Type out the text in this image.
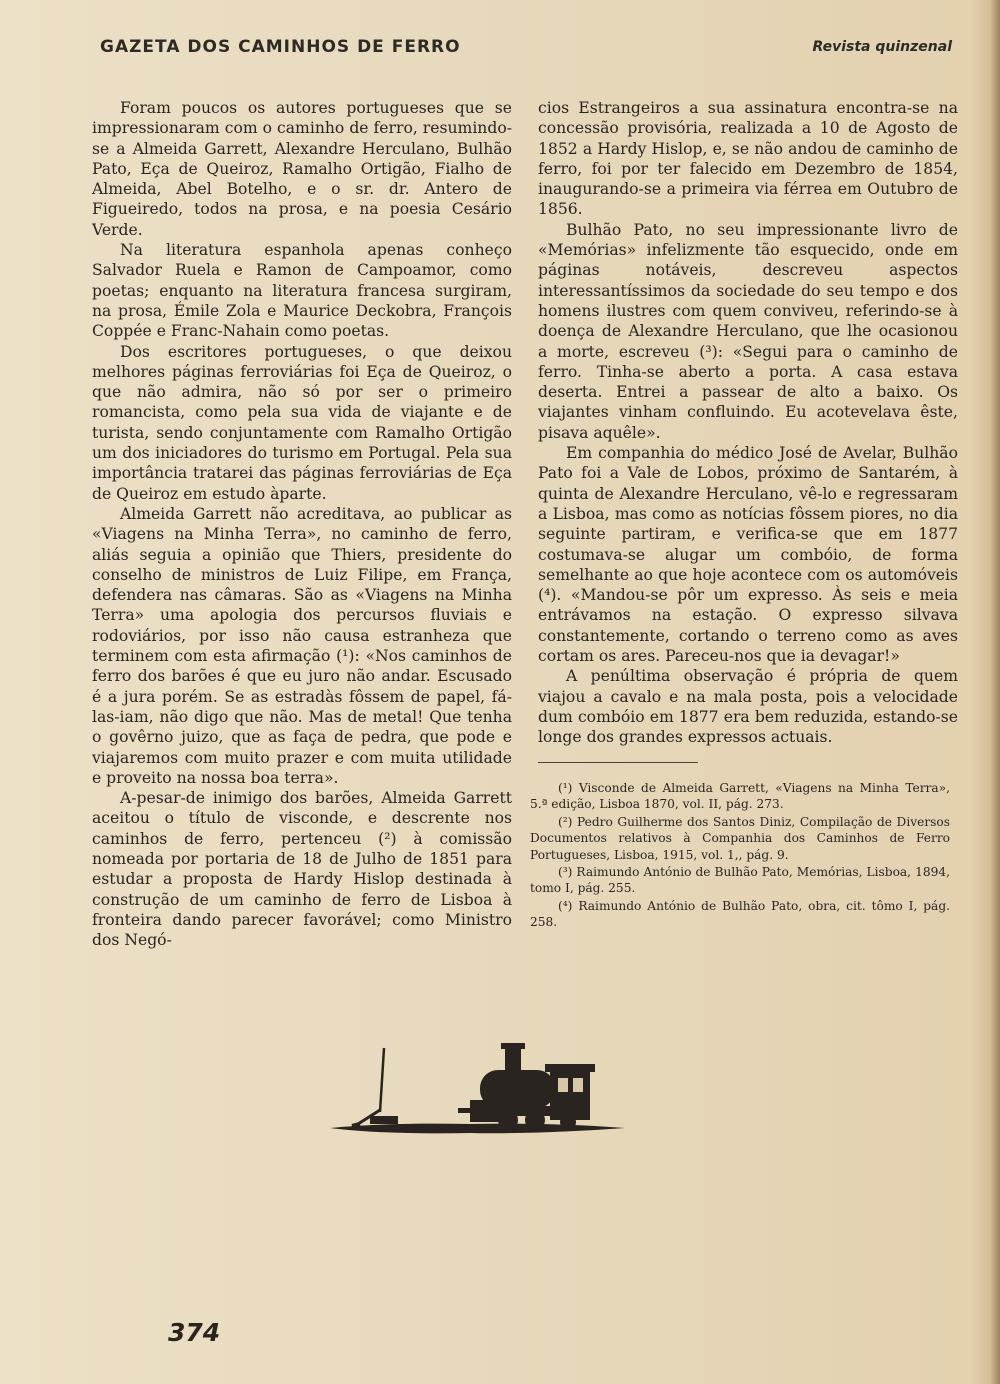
GAZETA DOS CAMINHOS DE FERRO	Revista quinzenal

Foram poucos os autores portugueses que se impressionaram com o caminho de ferro, resumindo-se a Almeida Garrett, Alexandre Herculano, Bulhão Pato, Eça de Queiroz, Ramalho Ortigão, Fialho de Almeida, Abel Botelho, e o sr. dr. Antero de Figueiredo, todos na prosa, e na poesia Cesário Verde.

Na literatura espanhola apenas conheço Salvador Ruela e Ramon de Campoamor, como poetas; enquanto na literatura francesa surgiram, na prosa, Émile Zola e Maurice Deckobra, François Coppée e Franc-Nahain como poetas.

Dos escritores portugueses, o que deixou melhores páginas ferroviárias foi Eça de Queiroz, o que não admira, não só por ser o primeiro romancista, como pela sua vida de viajante e de turista, sendo conjuntamente com Ramalho Ortigão um dos iniciadores do turismo em Portugal. Pela sua importância tratarei das páginas ferroviárias de Eça de Queiroz em estudo àparte.

Almeida Garrett não acreditava, ao publicar as «Viagens na Minha Terra», no caminho de ferro, aliás seguia a opinião que Thiers, presidente do conselho de ministros de Luiz Filipe, em França, defendera nas câmaras. São as «Viagens na Minha Terra» uma apologia dos percursos fluviais e rodoviários, por isso não causa estranheza que terminem com esta afirmação (¹): «Nos caminhos de ferro dos barões é que eu juro não andar. Escusado é a jura porém. Se as estradàs fôssem de papel, fá-las-iam, não digo que não. Mas de metal! Que tenha o govêrno juizo, que as faça de pedra, que pode e viajaremos com muito prazer e com muita utilidade e proveito na nossa boa terra».

A-pesar-de inimigo dos barões, Almeida Garrett aceitou o título de visconde, e descrente nos caminhos de ferro, pertenceu (²) à comissão nomeada por portaria de 18 de Julho de 1851 para estudar a proposta de Hardy Hislop destinada à construção de um caminho de ferro de Lisboa à fronteira dando parecer favorável; como Ministro dos Negó-

cios Estrangeiros a sua assinatura encontra-se na concessão provisória, realizada a 10 de Agosto de 1852 a Hardy Hislop, e, se não andou de caminho de ferro, foi por ter falecido em Dezembro de 1854, inaugurando-se a primeira via férrea em Outubro de 1856.

Bulhão Pato, no seu impressionante livro de «Memórias» infelizmente tão esquecido, onde em páginas notáveis, descreveu aspectos interessantíssimos da sociedade do seu tempo e dos homens ilustres com quem conviveu, referindo-se à doença de Alexandre Herculano, que lhe ocasionou a morte, escreveu (³): «Segui para o caminho de ferro. Tinha-se aberto a porta. A casa estava deserta. Entrei a passear de alto a baixo. Os viajantes vinham confluindo. Eu acotevelava êste, pisava aquêle».

Em companhia do médico José de Avelar, Bulhão Pato foi a Vale de Lobos, próximo de Santarém, à quinta de Alexandre Herculano, vê-lo e regressaram a Lisboa, mas como as notícias fôssem piores, no dia seguinte partiram, e verifica-se que em 1877 costumava-se alugar um combóio, de forma semelhante ao que hoje acontece com os automóveis (⁴). «Mandou-se pôr um expresso. Às seis e meia entrávamos na estação. O expresso silvava constantemente, cortando o terreno como as aves cortam os ares. Pareceu-nos que ia devagar!»

A penúltima observação é própria de quem viajou a cavalo e na mala posta, pois a velocidade dum combóio em 1877 era bem reduzida, estando-se longe dos grandes expressos actuais.

(¹) Visconde de Almeida Garrett, «Viagens na Minha Terra», 5.ª edição, Lisboa 1870, vol. II, pág. 273.

(²) Pedro Guilherme dos Santos Diniz, Compilação de Diversos Documentos relativos à Companhia dos Caminhos de Ferro Portugueses, Lisboa, 1915, vol. 1,, pág. 9.

(³) Raimundo António de Bulhão Pato, Memórias, Lisboa, 1894, tomo I, pág. 255.

(⁴) Raimundo António de Bulhão Pato, obra, cit. tômo I, pág. 258.

374
